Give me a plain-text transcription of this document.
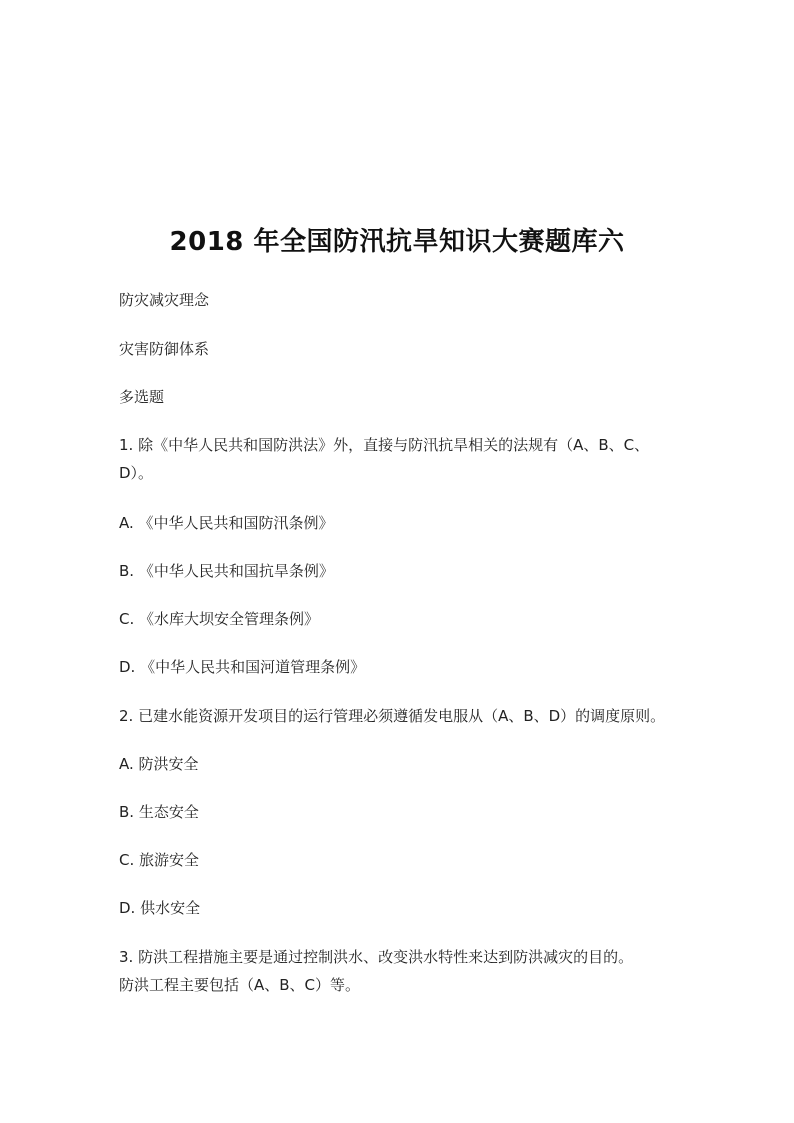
2018 年全国防汛抗旱知识大赛题库六
防灾减灾理念
灾害防御体系
多选题
1. 除《中华人民共和国防洪法》外，直接与防汛抗旱相关的法规有（A、B、C、
D）。
A. 《中华人民共和国防汛条例》
B. 《中华人民共和国抗旱条例》
C. 《水库大坝安全管理条例》
D. 《中华人民共和国河道管理条例》
2. 已建水能资源开发项目的运行管理必须遵循发电服从（A、B、D）的调度原则。
A. 防洪安全
B. 生态安全
C. 旅游安全
D. 供水安全
3. 防洪工程措施主要是通过控制洪水、改变洪水特性来达到防洪减灾的目的。
防洪工程主要包括（A、B、C）等。
